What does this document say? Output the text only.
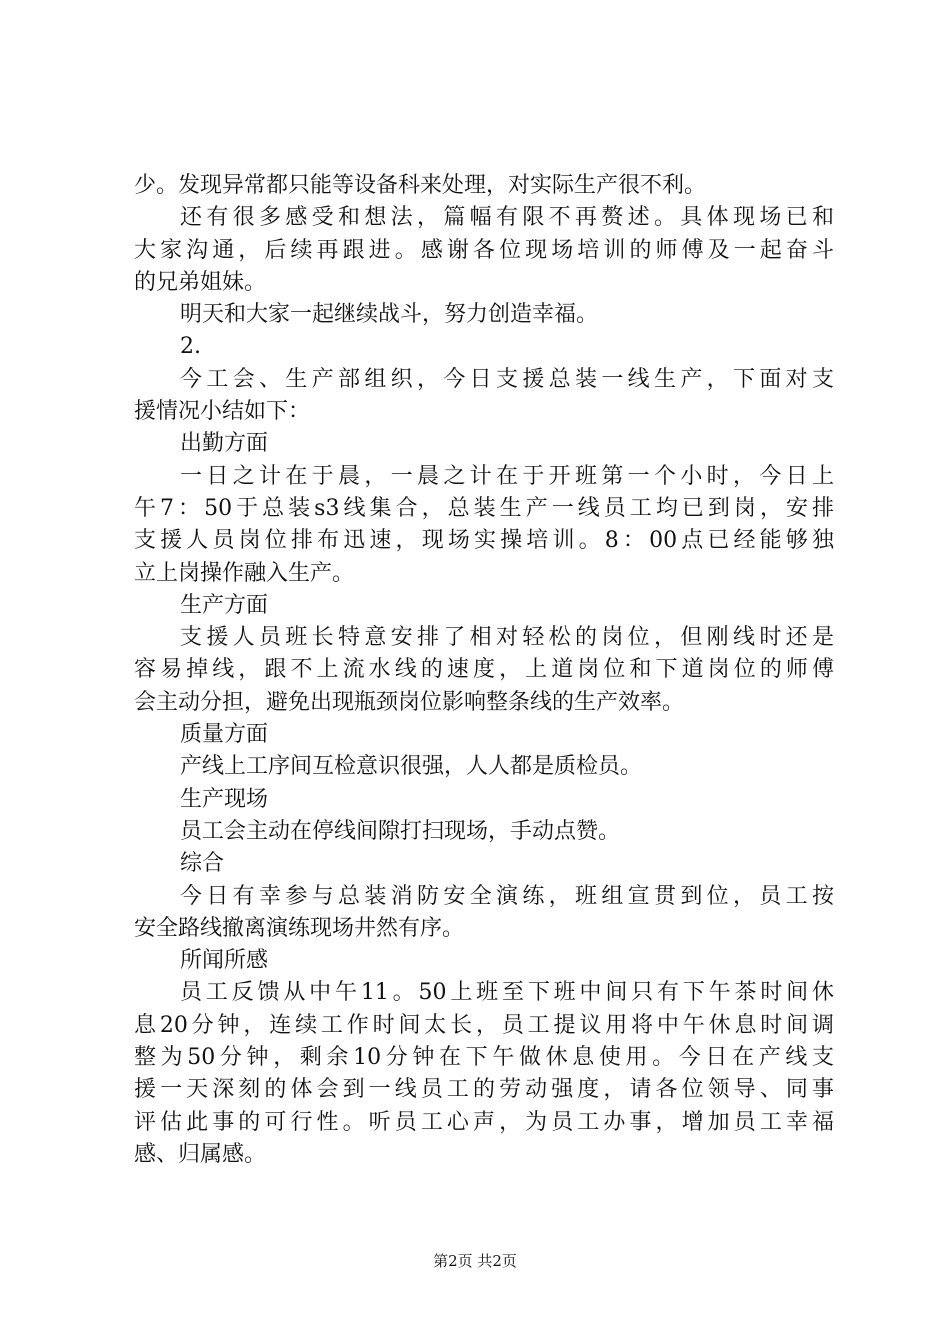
少。发现异常都只能等设备科来处理，对实际生产很不利。
还有很多感受和想法，篇幅有限不再赘述。具体现场已和
大家沟通，后续再跟进。感谢各位现场培训的师傅及一起奋斗
的兄弟姐妹。
明天和大家一起继续战斗，努力创造幸福。
2.
今工会、生产部组织，今日支援总装一线生产，下面对支
援情况小结如下：
出勤方面
一日之计在于晨，一晨之计在于开班第一个小时，今日上
午7：50于总装s3线集合，总装生产一线员工均已到岗，安排
支援人员岗位排布迅速，现场实操培训。8：00点已经能够独
立上岗操作融入生产。
生产方面
支援人员班长特意安排了相对轻松的岗位，但刚线时还是
容易掉线，跟不上流水线的速度，上道岗位和下道岗位的师傅
会主动分担，避免出现瓶颈岗位影响整条线的生产效率。
质量方面
产线上工序间互检意识很强，人人都是质检员。
生产现场
员工会主动在停线间隙打扫现场，手动点赞。
综合
今日有幸参与总装消防安全演练，班组宣贯到位，员工按
安全路线撤离演练现场井然有序。
所闻所感
员工反馈从中午11。50上班至下班中间只有下午茶时间休
息20分钟，连续工作时间太长，员工提议用将中午休息时间调
整为50分钟，剩余10分钟在下午做休息使用。今日在产线支
援一天深刻的体会到一线员工的劳动强度，请各位领导、同事
评估此事的可行性。听员工心声，为员工办事，增加员工幸福
感、归属感。
第2页 共2页
